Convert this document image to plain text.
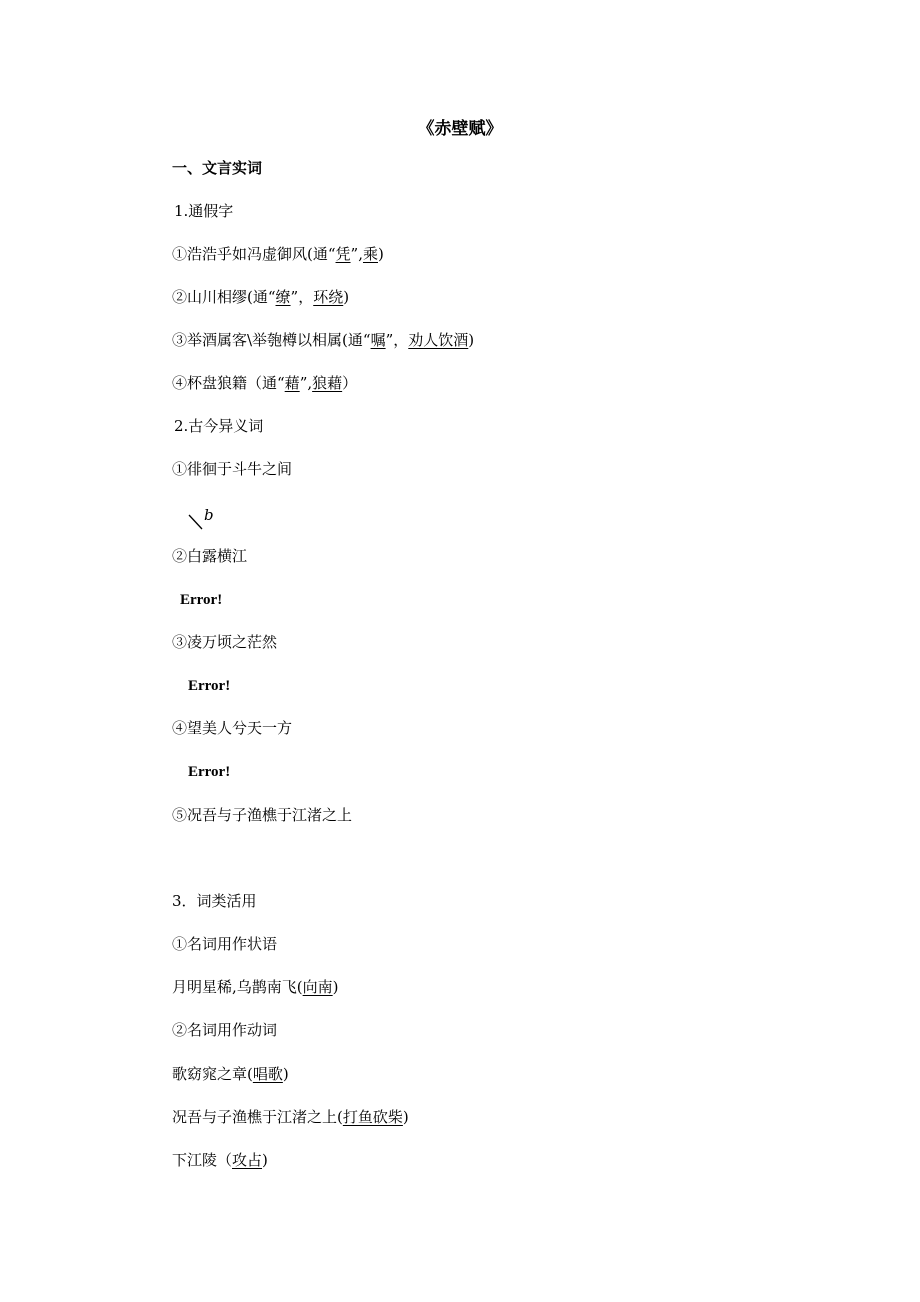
《赤壁赋》
一、文言实词
1.通假字
①浩浩乎如冯虚御风(通“凭”,乘)
②山川相缪(通“缭”，环绕)
③举酒属客\举匏樽以相属(通“嘱”，劝人饮酒)
④杯盘狼籍（通“藉”,狼藉）
2.古今异义词
①徘徊于斗牛之间
b
②白露横江
Error!
③凌万顷之茫然
Error!
④望美人兮天一方
Error!
⑤况吾与子渔樵于江渚之上
3．词类活用
①名词用作状语
月明星稀,乌鹊南飞(向南)
②名词用作动词
歌窈窕之章(唱歌)
况吾与子渔樵于江渚之上(打鱼砍柴)
下江陵（攻占)
